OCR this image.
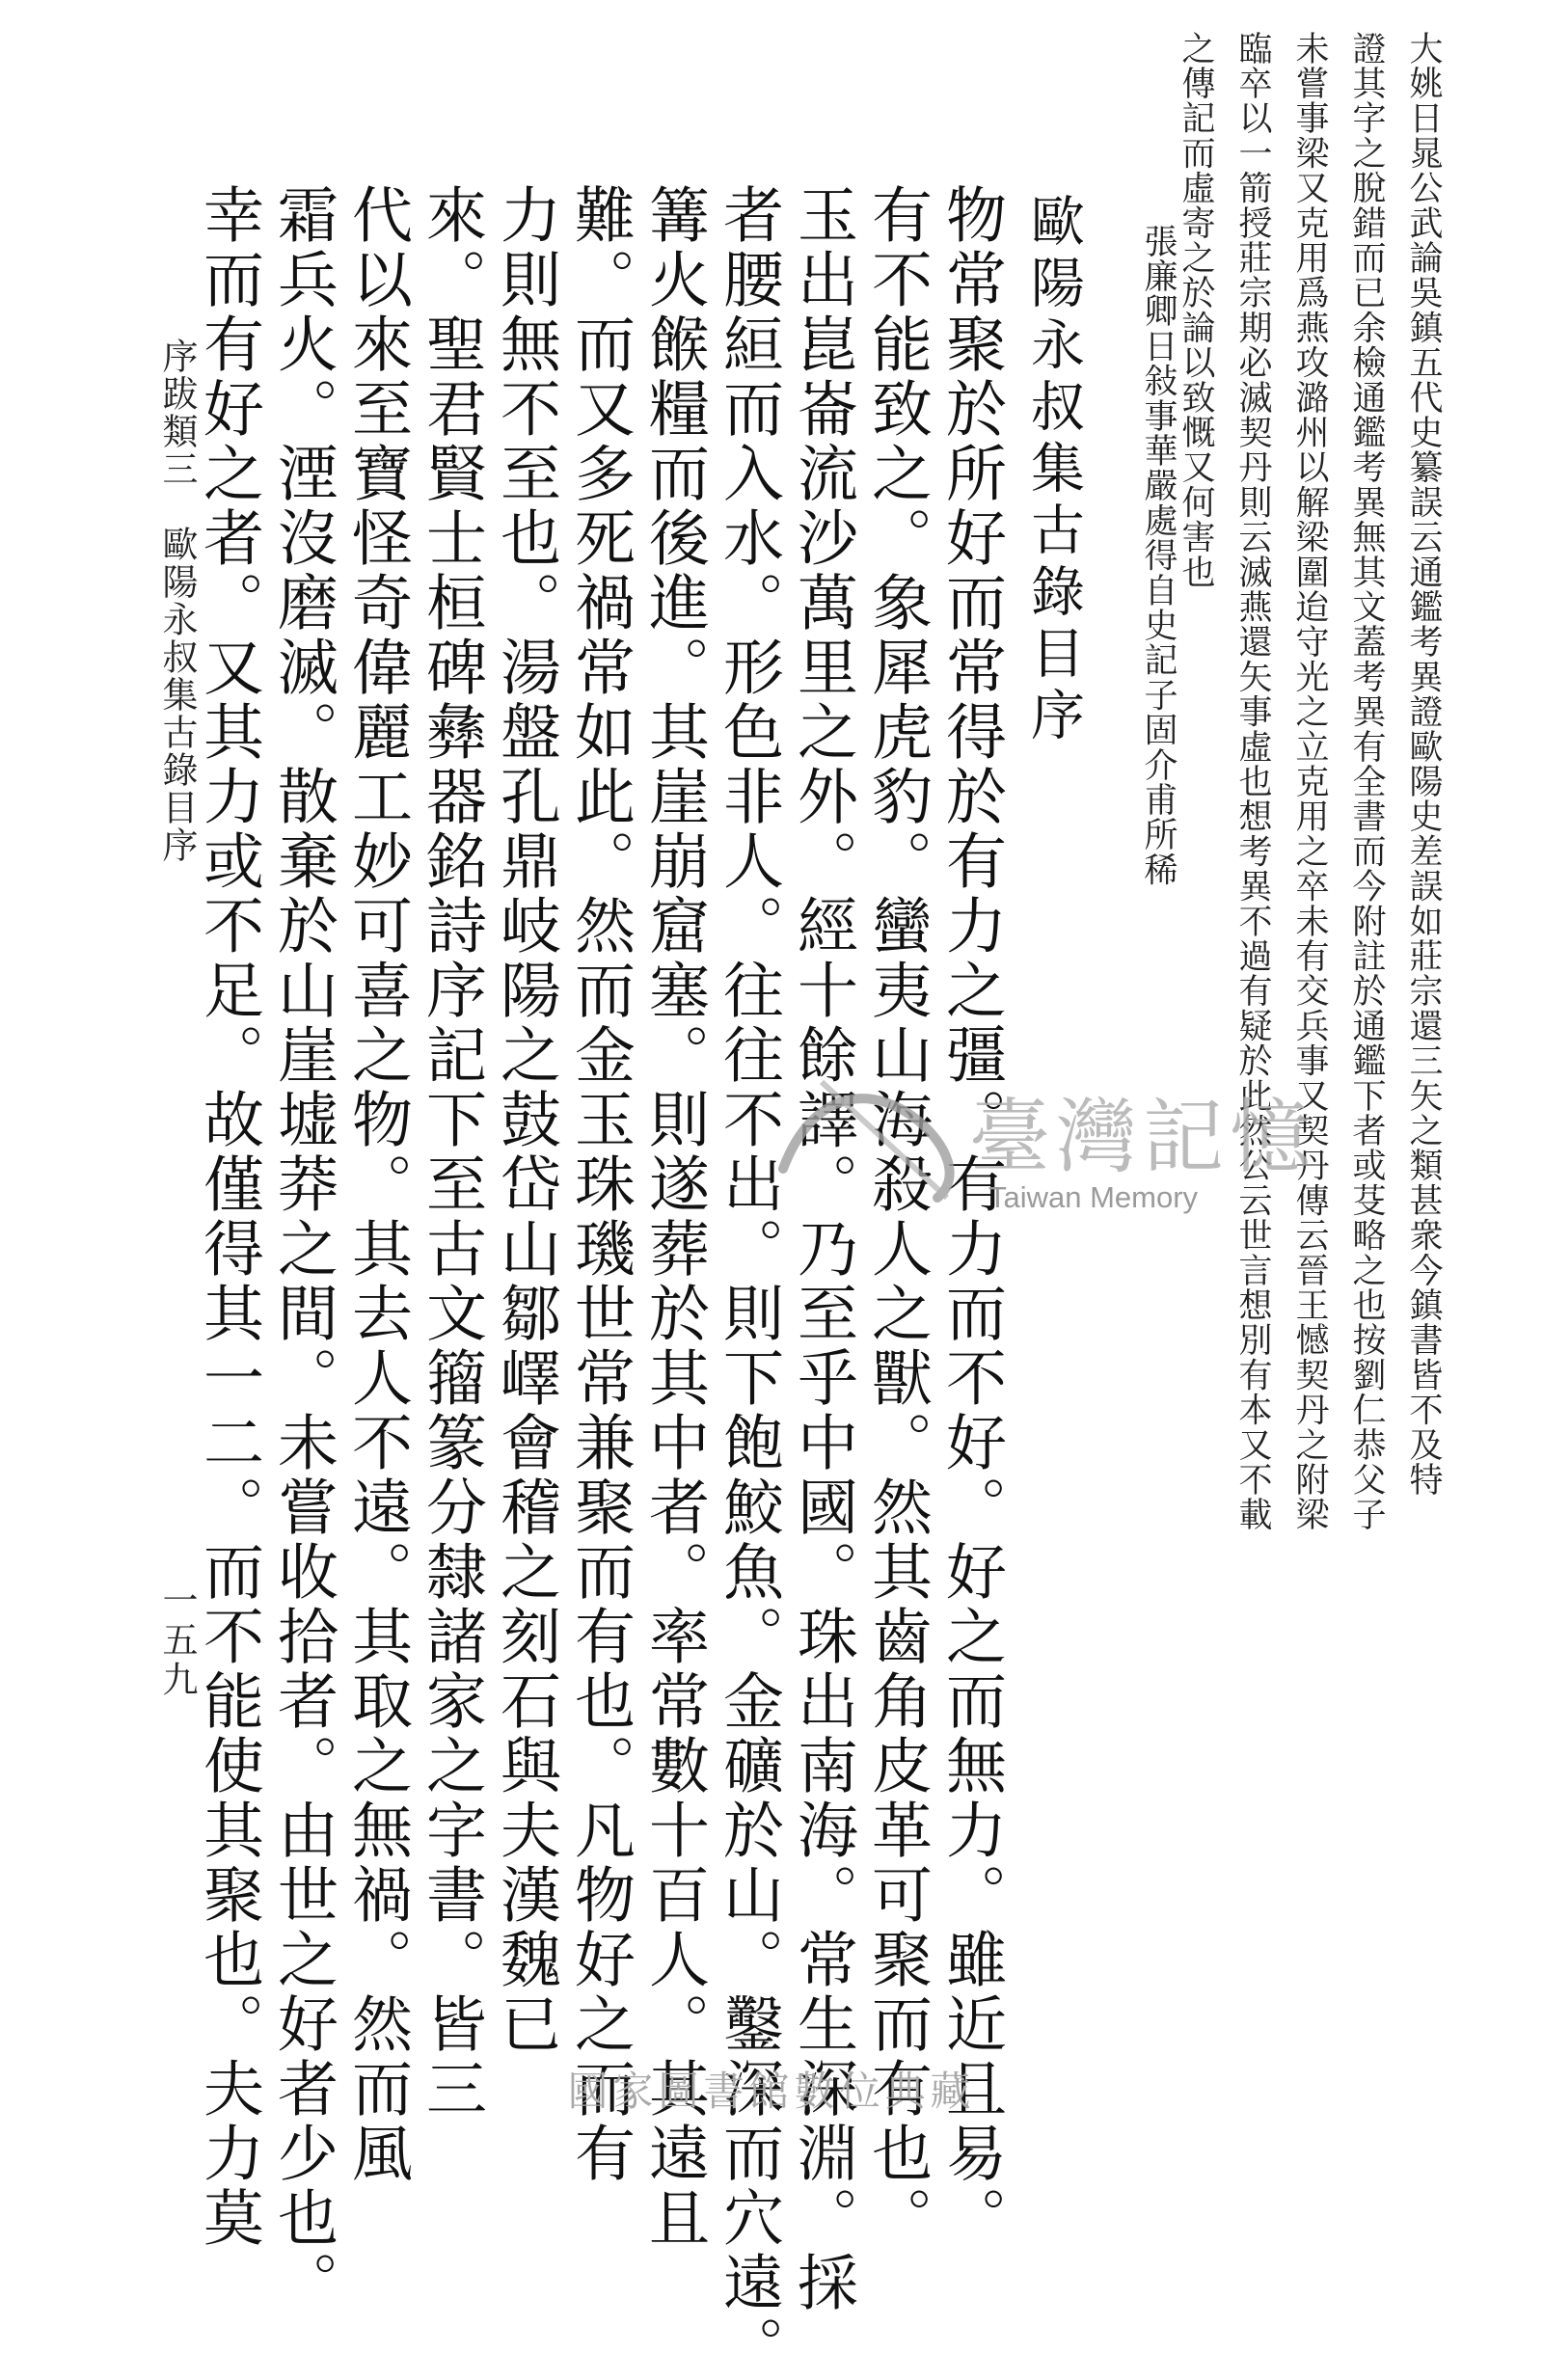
大姚日晁公武論吳鎮五代史纂誤云通鑑考異證歐陽史差誤如莊宗還三矢之類甚衆今鎮書皆不及特
證其字之脫錯而已余檢通鑑考異無其文蓋考異有全書而今附註於通鑑下者或芟略之也按劉仁恭父子
未嘗事梁又克用爲燕攻潞州以解梁圍迨守光之立克用之卒未有交兵事又契丹傳云晉王憾契丹之附梁
臨卒以一箭授莊宗期必滅契丹則云滅燕還矢事虛也想考異不過有疑於此然公云世言想別有本又不載
之傳記而虛寄之於論以致慨又何害也
張廉卿日敍事華嚴處得自史記子固介甫所稀
歐陽永叔集古錄目序
物常聚於所好而常得於有力之彊。有力而不好。好之而無力。雖近且易。
有不能致之。象犀虎豹。蠻夷山海殺人之獸。然其齒角皮革可聚而有也。
玉出崑崙流沙萬里之外。經十餘譯。乃至乎中國。珠出南海。常生深淵。採
者腰絙而入水。形色非人。往往不出。則下飽鮫魚。金礦於山。鑿深而穴遠。
篝火餱糧而後進。其崖崩窟塞。則遂葬於其中者。率常數十百人。其遠且
難。而又多死禍常如此。然而金玉珠璣世常兼聚而有也。凡物好之而有
力則無不至也。湯盤孔鼎岐陽之鼓岱山鄒嶧會稽之刻石與夫漢魏已
來。聖君賢士桓碑彝器銘詩序記下至古文籀篆分隸諸家之字書。皆三
代以來至寶怪奇偉麗工妙可喜之物。其去人不遠。其取之無禍。然而風
霜兵火。湮沒磨滅。散棄於山崖墟莽之間。未嘗收拾者。由世之好者少也。
幸而有好之者。又其力或不足。故僅得其一二。而不能使其聚也。夫力莫
序跋類三　歐陽永叔集古錄目序
一五九
臺灣記憶
Taiwan Memory
國家圖書館數位典藏
